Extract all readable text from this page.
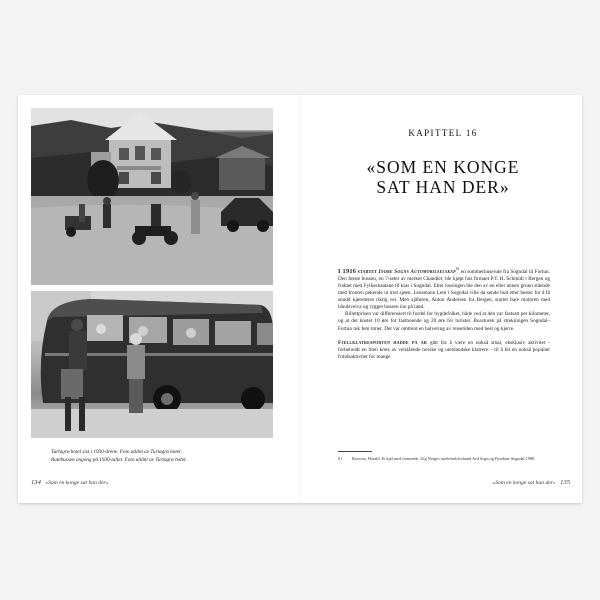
Turtagrø hotel sist i 1930-årene. Foto utlånt av Turtagrø hotel.
Rutebussen ongong på 1930-tallet. Foto utlånt av Turtagrø hotel.
134 «Som en konge sat han der»
KAPITTEL 16
«SOM EN KONGE
SAT HAN DER»

I 1916 startet Indre Sogns Automobilselskap$^{61}$ en sommerbuserute fra Sogndal til Fortun. Den første bussen, en 7-seter av merket Chandler, ble kjøpt hos firmaet P.T. H. Schmidt i Bergen og fraktet med Fylkesbaatane til kais i Sogndal. Etter lossingen ble den av en eller annen grunn stående med fronten pekende ut mot sjøen. Lensmann Lem i Sogndal ville da sende bud etter hester for å få snudd kjøretøyet riktig vei. Men sjåføren, Anton Andersen fra Bergen, startet bare motoren med håndsveiva og rygget bussen inn på land.

Billettprisen var differensiert til fordel for bygdefolket, både ved at den var fastsatt per kilometer, og at det kostet 10 øre for fastboende og 20 øre for turister. Bussturen på strekningen Sogndal–Fortun tok fem timer. Det var omtrent en halvering av reisetiden med hest og kjerre.

Fjellklatresporten hadde på år gått fra å være en nokså smal, eksklusiv aktivitet -forbeholdt en liten krets av velstående norske og utenlandske klatrere – til å bli en nokså populær fritidsaktivitet for mange

61 Rosvoss, Harald: Et kjøl med formuede. Utg Norges rutebilselsforbund Avd Sogn og Fjordane Sogndal 1988.
«Som en konge sat han der» 135
